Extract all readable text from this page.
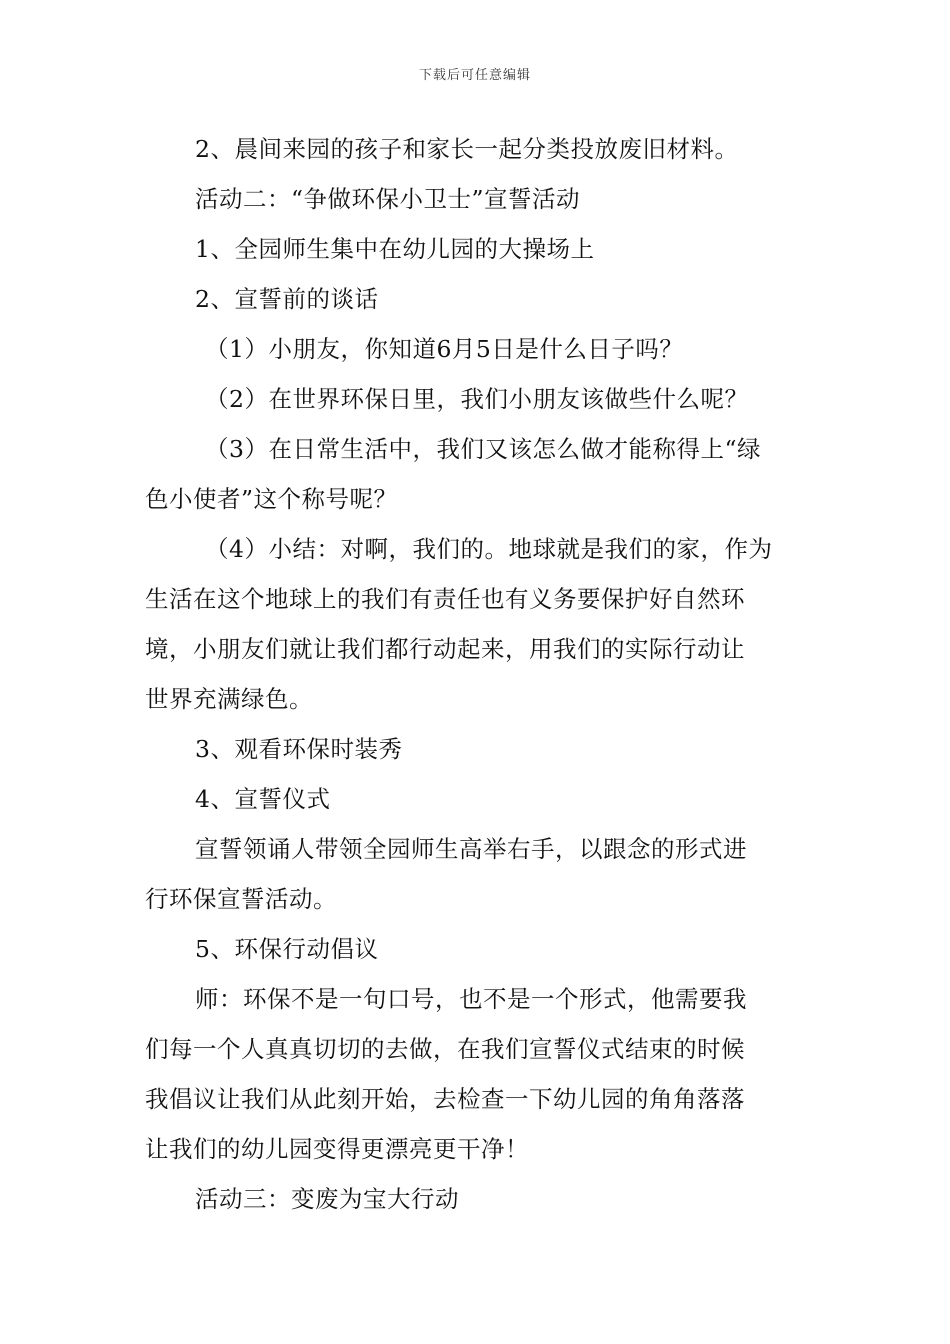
下载后可任意编辑

2、晨间来园的孩子和家长一起分类投放废旧材料。

活动二：“争做环保小卫士”宣誓活动

1、全园师生集中在幼儿园的大操场上

2、宣誓前的谈话

（1）小朋友，你知道6月5日是什么日子吗？

（2）在世界环保日里，我们小朋友该做些什么呢？

（3）在日常生活中，我们又该怎么做才能称得上“绿

色小使者”这个称号呢？

（4）小结：对啊，我们的。地球就是我们的家，作为

生活在这个地球上的我们有责任也有义务要保护好自然环

境，小朋友们就让我们都行动起来，用我们的实际行动让

世界充满绿色。

3、观看环保时装秀

4、宣誓仪式

宣誓领诵人带领全园师生高举右手，以跟念的形式进

行环保宣誓活动。

5、环保行动倡议

师：环保不是一句口号，也不是一个形式，他需要我

们每一个人真真切切的去做，在我们宣誓仪式结束的时候

我倡议让我们从此刻开始，去检查一下幼儿园的角角落落

让我们的幼儿园变得更漂亮更干净！

活动三：变废为宝大行动
